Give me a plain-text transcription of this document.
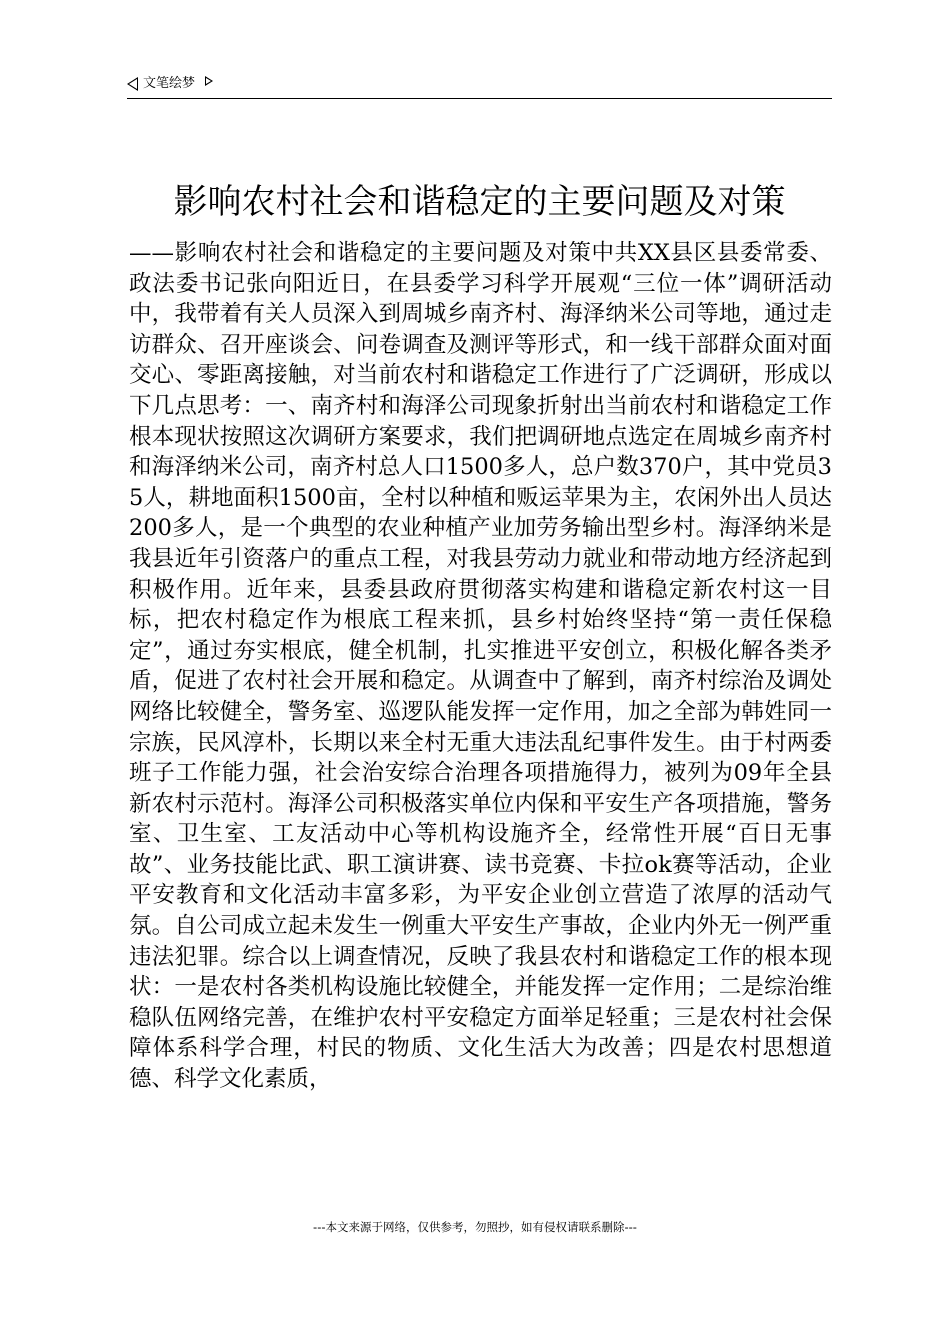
文笔绘梦
影响农村社会和谐稳定的主要问题及对策

——影响农村社会和谐稳定的主要问题及对策中共XX县区县委常委、政法委书记张向阳近日，在县委学习科学开展观“三位一体”调研活动中，我带着有关人员深入到周城乡南齐村、海泽纳米公司等地，通过走访群众、召开座谈会、问卷调查及测评等形式，和一线干部群众面对面交心、零距离接触，对当前农村和谐稳定工作进行了广泛调研，形成以下几点思考：一、南齐村和海泽公司现象折射出当前农村和谐稳定工作根本现状按照这次调研方案要求，我们把调研地点选定在周城乡南齐村和海泽纳米公司，南齐村总人口1500多人，总户数370户，其中党员35人，耕地面积1500亩，全村以种植和贩运苹果为主，农闲外出人员达200多人，是一个典型的农业种植产业加劳务输出型乡村。海泽纳米是我县近年引资落户的重点工程，对我县劳动力就业和带动地方经济起到积极作用。近年来，县委县政府贯彻落实构建和谐稳定新农村这一目标，把农村稳定作为根底工程来抓，县乡村始终坚持“第一责任保稳定”，通过夯实根底，健全机制，扎实推进平安创立，积极化解各类矛盾，促进了农村社会开展和稳定。从调查中了解到，南齐村综治及调处网络比较健全，警务室、巡逻队能发挥一定作用，加之全部为韩姓同一宗族，民风淳朴，长期以来全村无重大违法乱纪事件发生。由于村两委班子工作能力强，社会治安综合治理各项措施得力，被列为09年全县新农村示范村。海泽公司积极落实单位内保和平安生产各项措施，警务室、卫生室、工友活动中心等机构设施齐全，经常性开展“百日无事故”、业务技能比武、职工演讲赛、读书竞赛、卡拉ok赛等活动，企业平安教育和文化活动丰富多彩，为平安企业创立营造了浓厚的活动气氛。自公司成立起未发生一例重大平安生产事故，企业内外无一例严重违法犯罪。综合以上调查情况，反映了我县农村和谐稳定工作的根本现状：一是农村各类机构设施比较健全，并能发挥一定作用；二是综治维稳队伍网络完善，在维护农村平安稳定方面举足轻重；三是农村社会保障体系科学合理，村民的物质、文化生活大为改善；四是农村思想道德、科学文化素质，

---本文来源于网络，仅供参考，勿照抄，如有侵权请联系删除---
